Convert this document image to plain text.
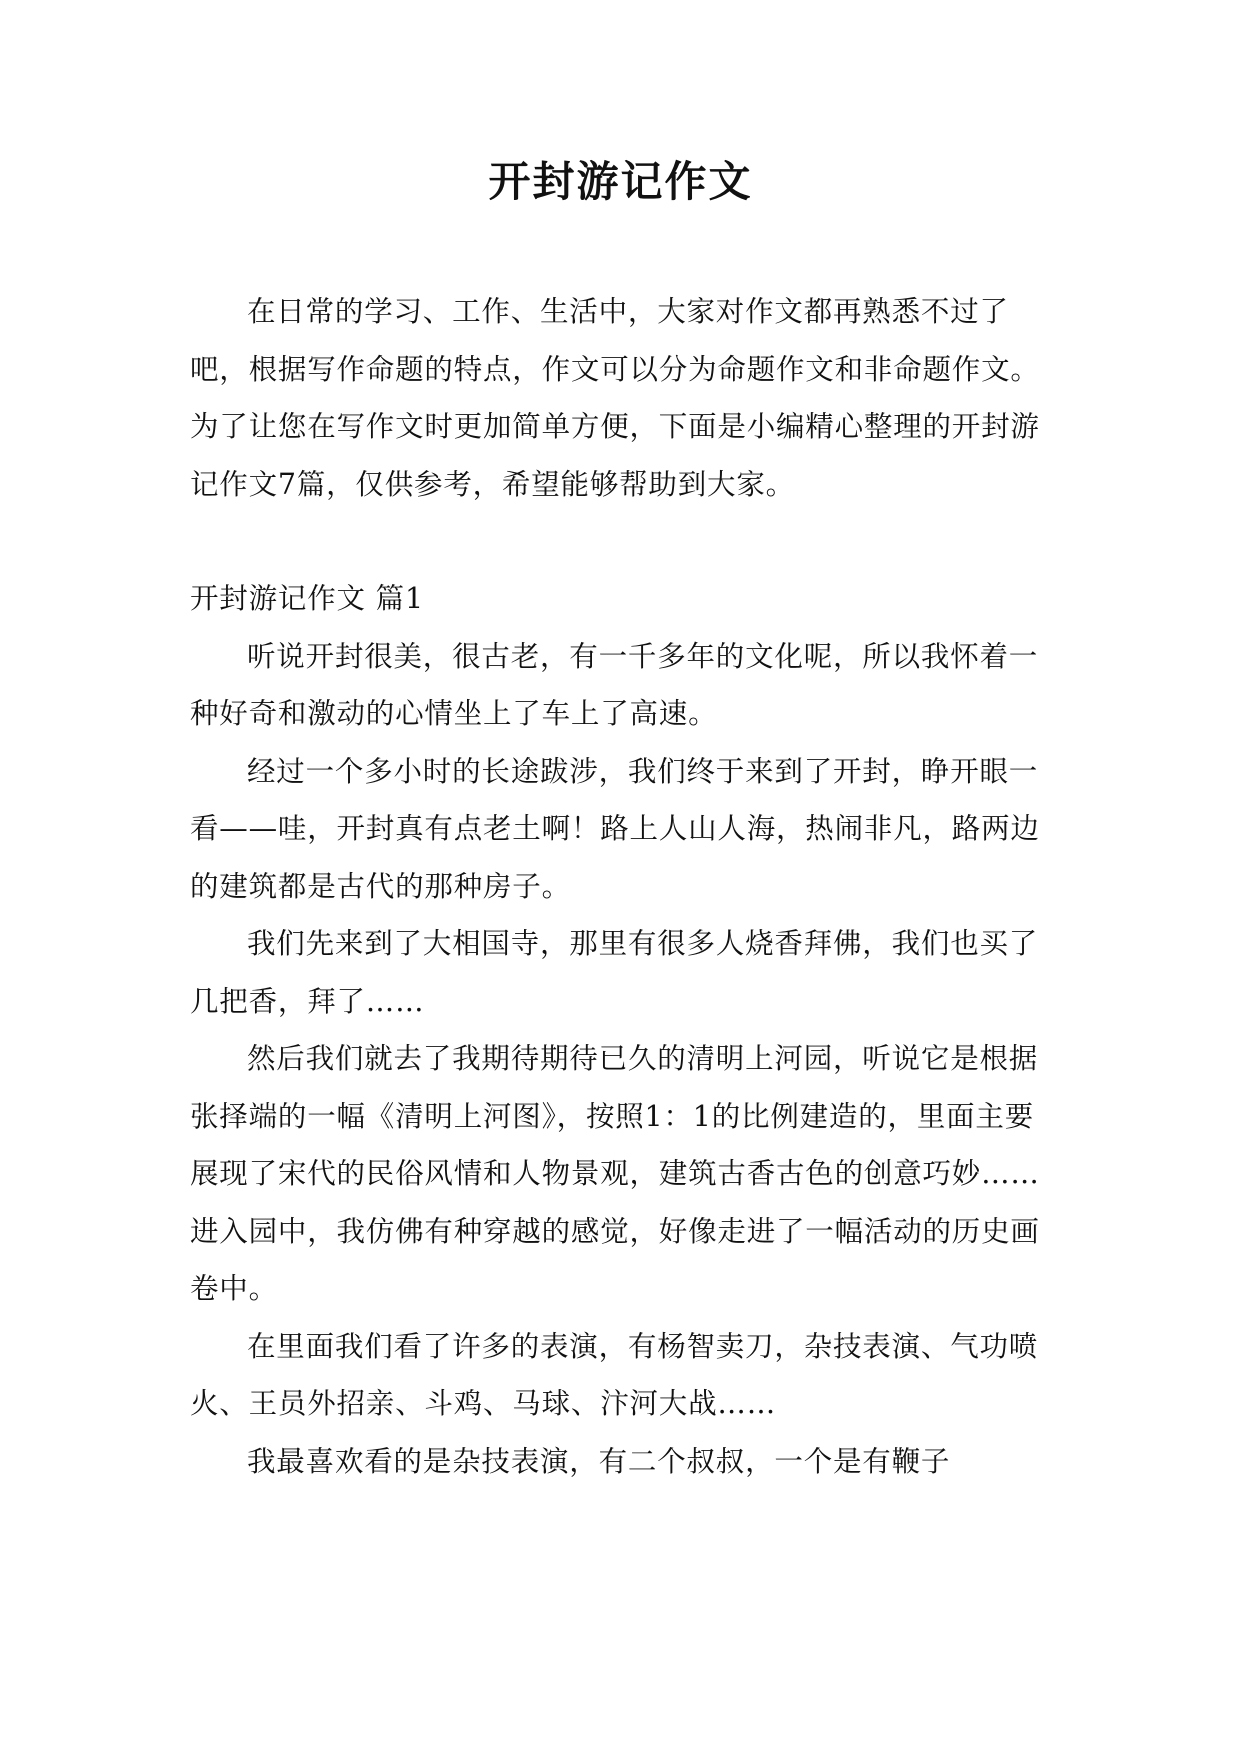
开封游记作文

在日常的学习、工作、生活中，大家对作文都再熟悉不过了吧，根据写作命题的特点，作文可以分为命题作文和非命题作文。为了让您在写作文时更加简单方便，下面是小编精心整理的开封游记作文7篇，仅供参考，希望能够帮助到大家。

开封游记作文 篇1

听说开封很美，很古老，有一千多年的文化呢，所以我怀着一种好奇和激动的心情坐上了车上了高速。

经过一个多小时的长途跋涉，我们终于来到了开封，睁开眼一看——哇，开封真有点老土啊！路上人山人海，热闹非凡，路两边的建筑都是古代的那种房子。

我们先来到了大相国寺，那里有很多人烧香拜佛，我们也买了几把香，拜了……

然后我们就去了我期待期待已久的清明上河园，听说它是根据张择端的一幅《清明上河图》，按照1：1的比例建造的，里面主要展现了宋代的民俗风情和人物景观，建筑古香古色的创意巧妙……进入园中，我仿佛有种穿越的感觉，好像走进了一幅活动的历史画卷中。

在里面我们看了许多的表演，有杨智卖刀，杂技表演、气功喷火、王员外招亲、斗鸡、马球、汴河大战……

我最喜欢看的是杂技表演，有二个叔叔，一个是有鞭子
